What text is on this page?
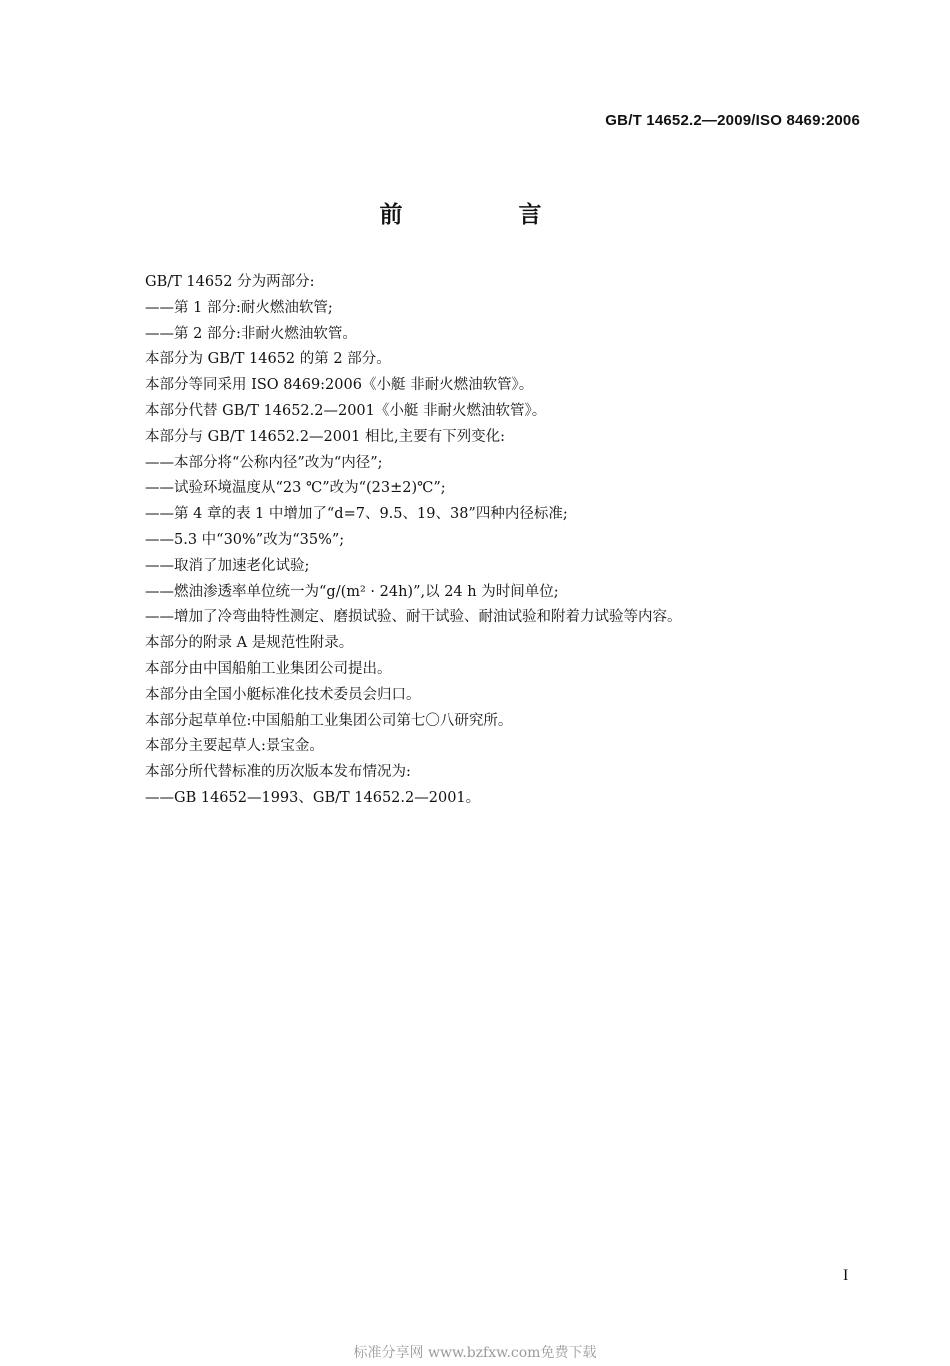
GB/T 14652.2—2009/ISO 8469:2006
前 言
GB/T 14652 分为两部分:
——第 1 部分:耐火燃油软管;
——第 2 部分:非耐火燃油软管。
本部分为 GB/T 14652 的第 2 部分。
本部分等同采用 ISO 8469:2006《小艇 非耐火燃油软管》。
本部分代替 GB/T 14652.2—2001《小艇 非耐火燃油软管》。
本部分与 GB/T 14652.2—2001 相比,主要有下列变化:
——本部分将“公称内径”改为“内径”;
——试验环境温度从“23 ℃”改为“(23±2)℃”;
——第 4 章的表 1 中增加了“d=7、9.5、19、38”四种内径标准;
——5.3 中“30%”改为“35%”;
——取消了加速老化试验;
——燃油渗透率单位统一为“g/(m² · 24h)”,以 24 h 为时间单位;
——增加了冷弯曲特性测定、磨损试验、耐干试验、耐油试验和附着力试验等内容。
本部分的附录 A 是规范性附录。
本部分由中国船舶工业集团公司提出。
本部分由全国小艇标准化技术委员会归口。
本部分起草单位:中国船舶工业集团公司第七〇八研究所。
本部分主要起草人:景宝金。
本部分所代替标准的历次版本发布情况为:
——GB 14652—1993、GB/T 14652.2—2001。
I
标准分享网 www.bzfxw.com免费下载
